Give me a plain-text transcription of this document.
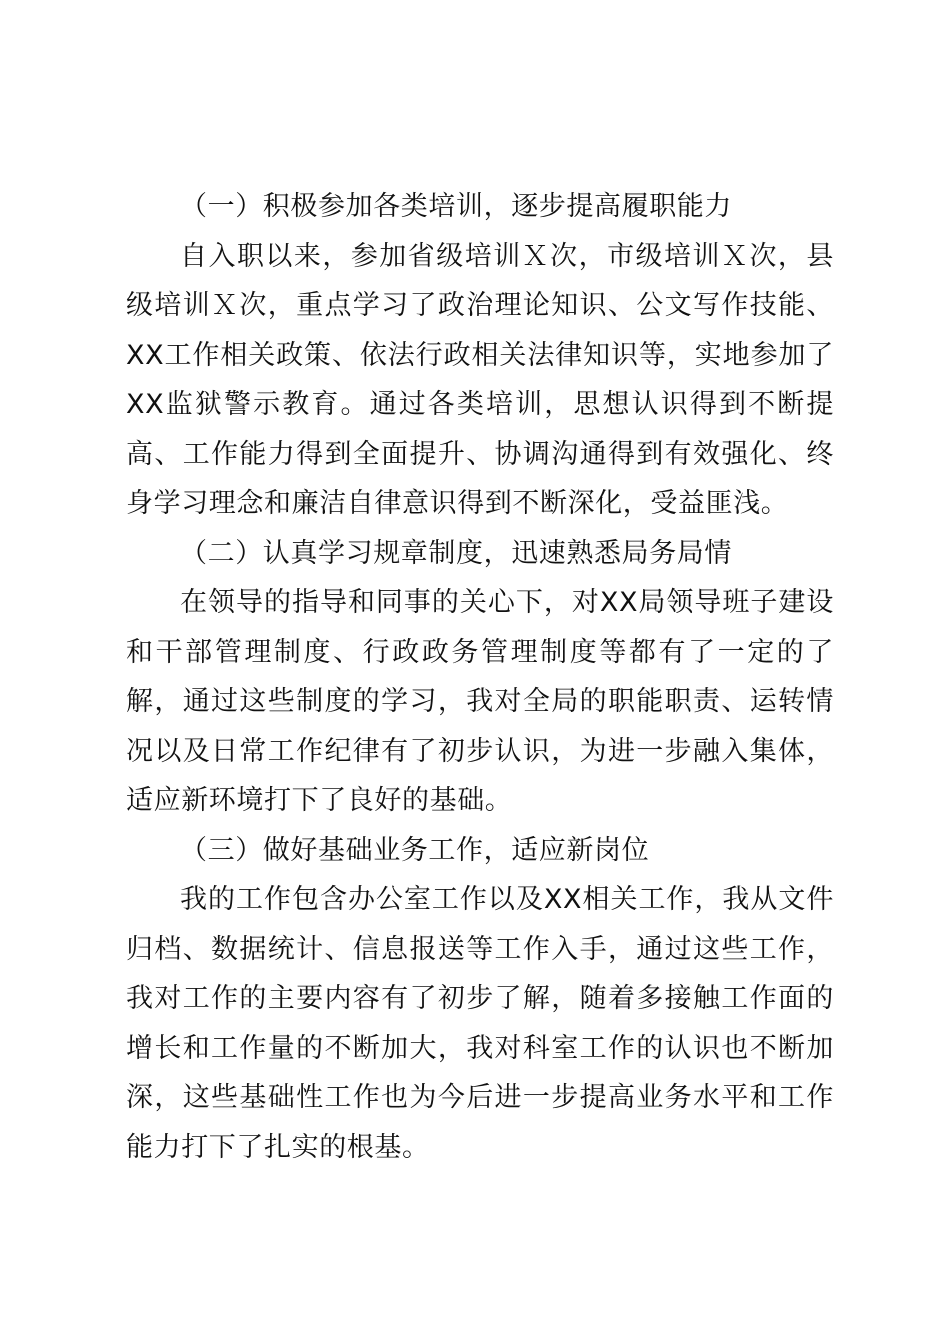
（一）积极参加各类培训，逐步提高履职能力

自入职以来，参加省级培训Ｘ次，市级培训Ｘ次，县级培训Ｘ次，重点学习了政治理论知识、公文写作技能、XX工作相关政策、依法行政相关法律知识等，实地参加了XX监狱警示教育。通过各类培训，思想认识得到不断提高、工作能力得到全面提升、协调沟通得到有效强化、终身学习理念和廉洁自律意识得到不断深化，受益匪浅。

（二）认真学习规章制度，迅速熟悉局务局情

在领导的指导和同事的关心下，对XX局领导班子建设和干部管理制度、行政政务管理制度等都有了一定的了解，通过这些制度的学习，我对全局的职能职责、运转情况以及日常工作纪律有了初步认识，为进一步融入集体，适应新环境打下了良好的基础。

（三）做好基础业务工作，适应新岗位

我的工作包含办公室工作以及XX相关工作，我从文件归档、数据统计、信息报送等工作入手，通过这些工作，我对工作的主要内容有了初步了解，随着多接触工作面的增长和工作量的不断加大，我对科室工作的认识也不断加深，这些基础性工作也为今后进一步提高业务水平和工作能力打下了扎实的根基。
